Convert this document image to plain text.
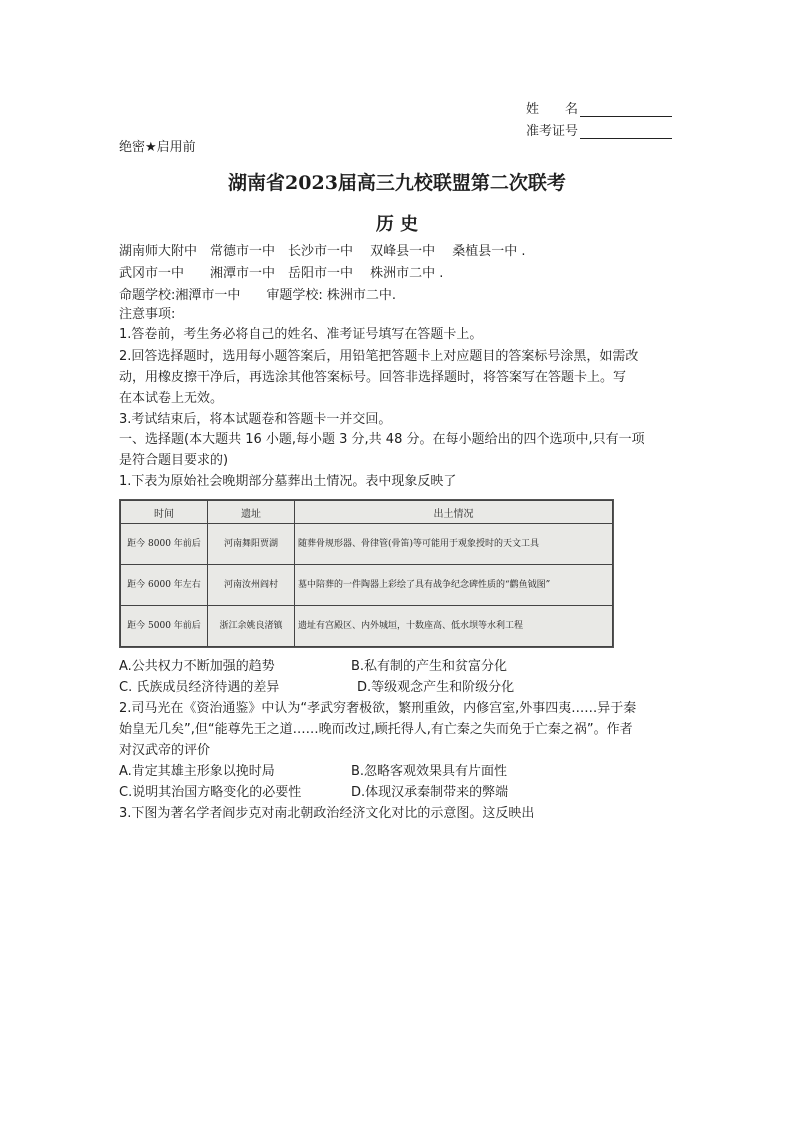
姓　　名
准考证号
绝密★启用前
湖南省2023届高三九校联盟第二次联考
历 史
湖南师大附中　常德市一中　长沙市一中　 双峰县一中 　桑植县一中 .
武冈市一中　　湘潭市一中　岳阳市一中　 株洲市二中 .
命题学校:湘潭市一中　　审题学校: 株洲市二中.
注意事项:
1.答卷前，考生务必将自己的姓名、准考证号填写在答题卡上。
2.回答选择题时，选用每小题答案后，用铅笔把答题卡上对应题目的答案标号涂黑，如需改
动，用橡皮擦干净后，再选涂其他答案标号。回答非选择题时，将答案写在答题卡上。写
在本试卷上无效。
3.考试结束后，将本试题卷和答题卡一并交回。
一、选择题(本大题共 16 小题,每小题 3 分,共 48 分。在每小题给出的四个选项中,只有一项
是符合题目要求的)
1.下表为原始社会晚期部分墓葬出土情况。表中现象反映了
时间	遗址	出土情况
距今 8000 年前后	河南舞阳贾湖	随葬骨规形器、骨律管(骨笛)等可能用于观象授时的天文工具
距今 6000 年左右	河南汝州阎村	墓中陪葬的一件陶器上彩绘了具有战争纪念碑性质的“鹳鱼钺图”
距今 5000 年前后	浙江余姚良渚镇	遗址有宫殿区、内外城垣，十数座高、低水坝等水利工程
A.公共权力不断加强的趋势	B.私有制的产生和贫富分化
C. 氏族成员经济待遇的差异	D.等级观念产生和阶级分化
2.司马光在《资治通鉴》中认为“孝武穷奢极欲，繁刑重敛，内修宫室,外事四夷……异于秦
始皇无几矣”,但“能尊先王之道……晚而改过,顾托得人,有亡秦之失而免于亡秦之祸”。作者
对汉武帝的评价
A.肯定其雄主形象以挽时局	B.忽略客观效果具有片面性
C.说明其治国方略变化的必要性	D.体现汉承秦制带来的弊端
3.下图为著名学者阎步克对南北朝政治经济文化对比的示意图。这反映出
